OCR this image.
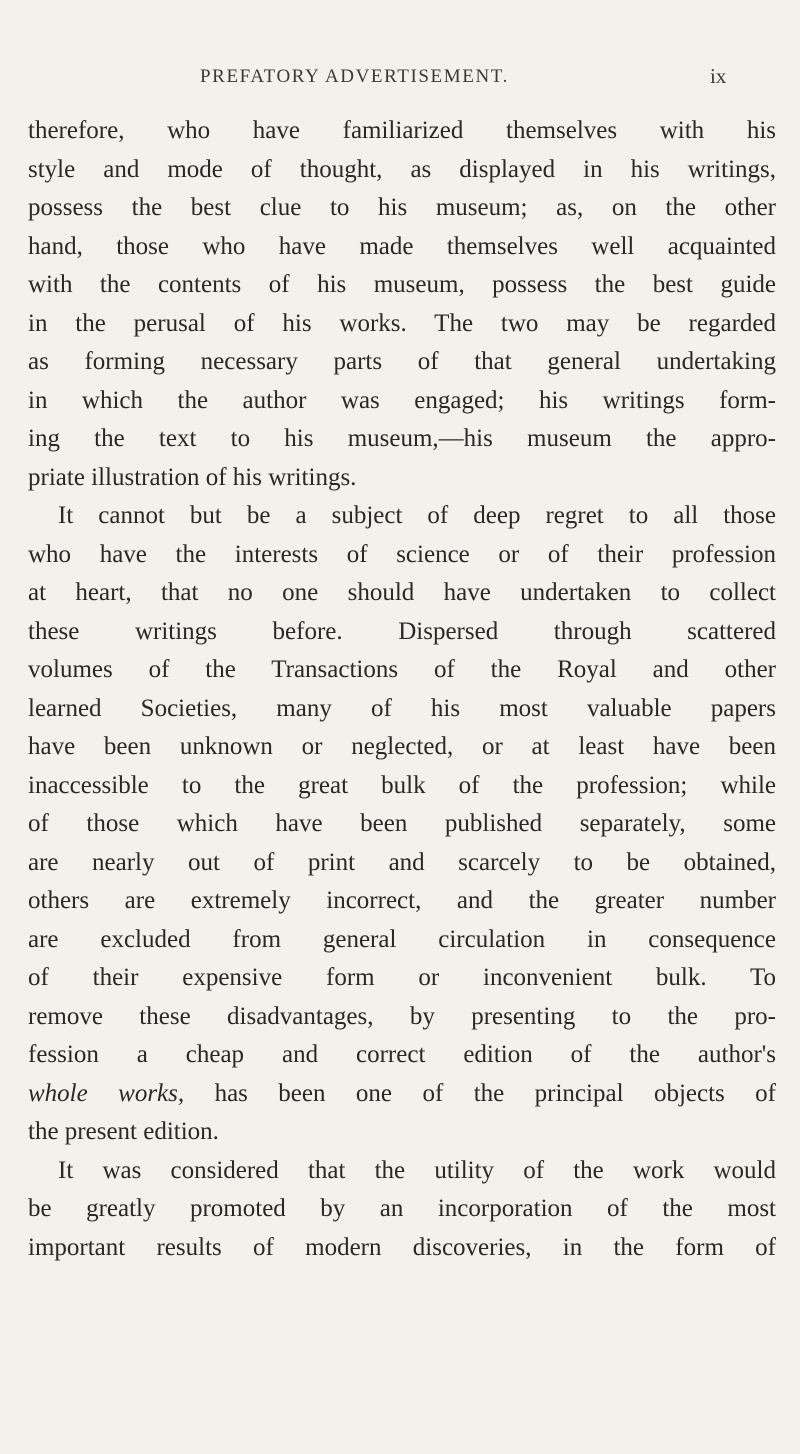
PREFATORY ADVERTISEMENT.	ix
therefore, who have familiarized themselves with his
style and mode of thought, as displayed in his writings,
possess the best clue to his museum; as, on the other
hand, those who have made themselves well acquainted
with the contents of his museum, possess the best guide
in the perusal of his works. The two may be regarded
as forming necessary parts of that general undertaking
in which the author was engaged; his writings form-
ing the text to his museum,—his museum the appro-
priate illustration of his writings.
It cannot but be a subject of deep regret to all those
who have the interests of science or of their profession
at heart, that no one should have undertaken to collect
these writings before. Dispersed through scattered
volumes of the Transactions of the Royal and other
learned Societies, many of his most valuable papers
have been unknown or neglected, or at least have been
inaccessible to the great bulk of the profession; while
of those which have been published separately, some
are nearly out of print and scarcely to be obtained,
others are extremely incorrect, and the greater number
are excluded from general circulation in consequence
of their expensive form or inconvenient bulk. To
remove these disadvantages, by presenting to the pro-
fession a cheap and correct edition of the author's
whole works, has been one of the principal objects of
the present edition.
It was considered that the utility of the work would
be greatly promoted by an incorporation of the most
important results of modern discoveries, in the form of
